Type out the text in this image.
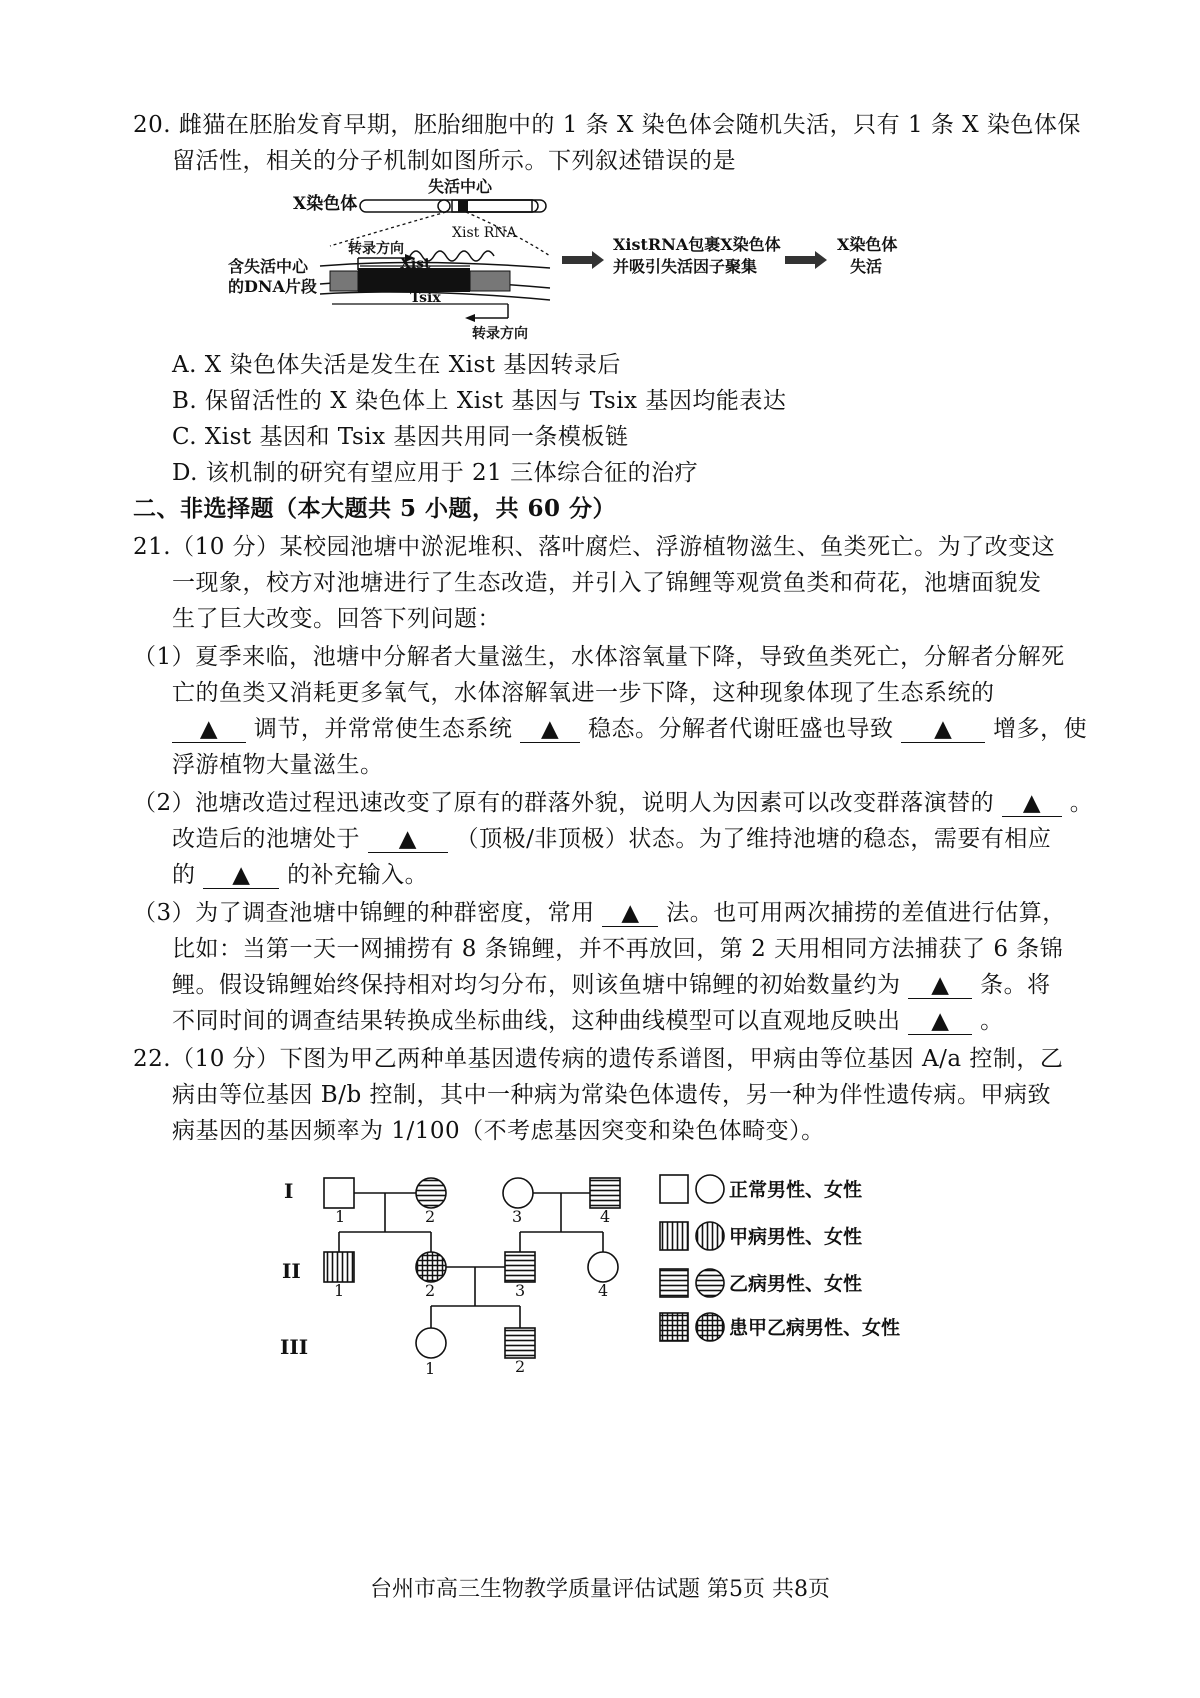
20. 雌猫在胚胎发育早期，胚胎细胞中的 1 条 X 染色体会随机失活，只有 1 条 X 染色体保
留活性，相关的分子机制如图所示。下列叙述错误的是
X染色体
失活中心
Xist RNA
含失活中心
的DNA片段
转录方向
Xist
Tsix
转录方向
XistRNA包裹X染色体
并吸引失活因子聚集
X染色体
失活
A. X 染色体失活是发生在 Xist 基因转录后
B. 保留活性的 X 染色体上 Xist 基因与 Tsix 基因均能表达
C. Xist 基因和 Tsix 基因共用同一条模板链
D. 该机制的研究有望应用于 21 三体综合征的治疗
二、非选择题（本大题共 5 小题，共 60 分）
21.（10 分）某校园池塘中淤泥堆积、落叶腐烂、浮游植物滋生、鱼类死亡。为了改变这
一现象，校方对池塘进行了生态改造，并引入了锦鲤等观赏鱼类和荷花，池塘面貌发
生了巨大改变。回答下列问题：
（1）夏季来临，池塘中分解者大量滋生，水体溶氧量下降，导致鱼类死亡，分解者分解死
亡的鱼类又消耗更多氧气，水体溶解氧进一步下降，这种现象体现了生态系统的
▲ 调节，并常常使生态系统 ▲ 稳态。分解者代谢旺盛也导致 ▲ 增多，使
浮游植物大量滋生。
（2）池塘改造过程迅速改变了原有的群落外貌，说明人为因素可以改变群落演替的 ▲ 。
改造后的池塘处于 ▲ （顶极/非顶极）状态。为了维持池塘的稳态，需要有相应
的 ▲ 的补充输入。
（3）为了调查池塘中锦鲤的种群密度，常用 ▲ 法。也可用两次捕捞的差值进行估算，
比如：当第一天一网捕捞有 8 条锦鲤，并不再放回，第 2 天用相同方法捕获了 6 条锦
鲤。假设锦鲤始终保持相对均匀分布，则该鱼塘中锦鲤的初始数量约为 ▲ 条。将
不同时间的调查结果转换成坐标曲线，这种曲线模型可以直观地反映出 ▲ 。
22.（10 分）下图为甲乙两种单基因遗传病的遗传系谱图，甲病由等位基因 A/a 控制，乙
病由等位基因 B/b 控制，其中一种病为常染色体遗传，另一种为伴性遗传病。甲病致
病基因的基因频率为 1/100（不考虑基因突变和染色体畸变）。
I
II
III
1	2	3	4
1	2	3	4
1	2
正常男性、女性
甲病男性、女性
乙病男性、女性
患甲乙病男性、女性
台州市高三生物教学质量评估试题 第5页 共8页
